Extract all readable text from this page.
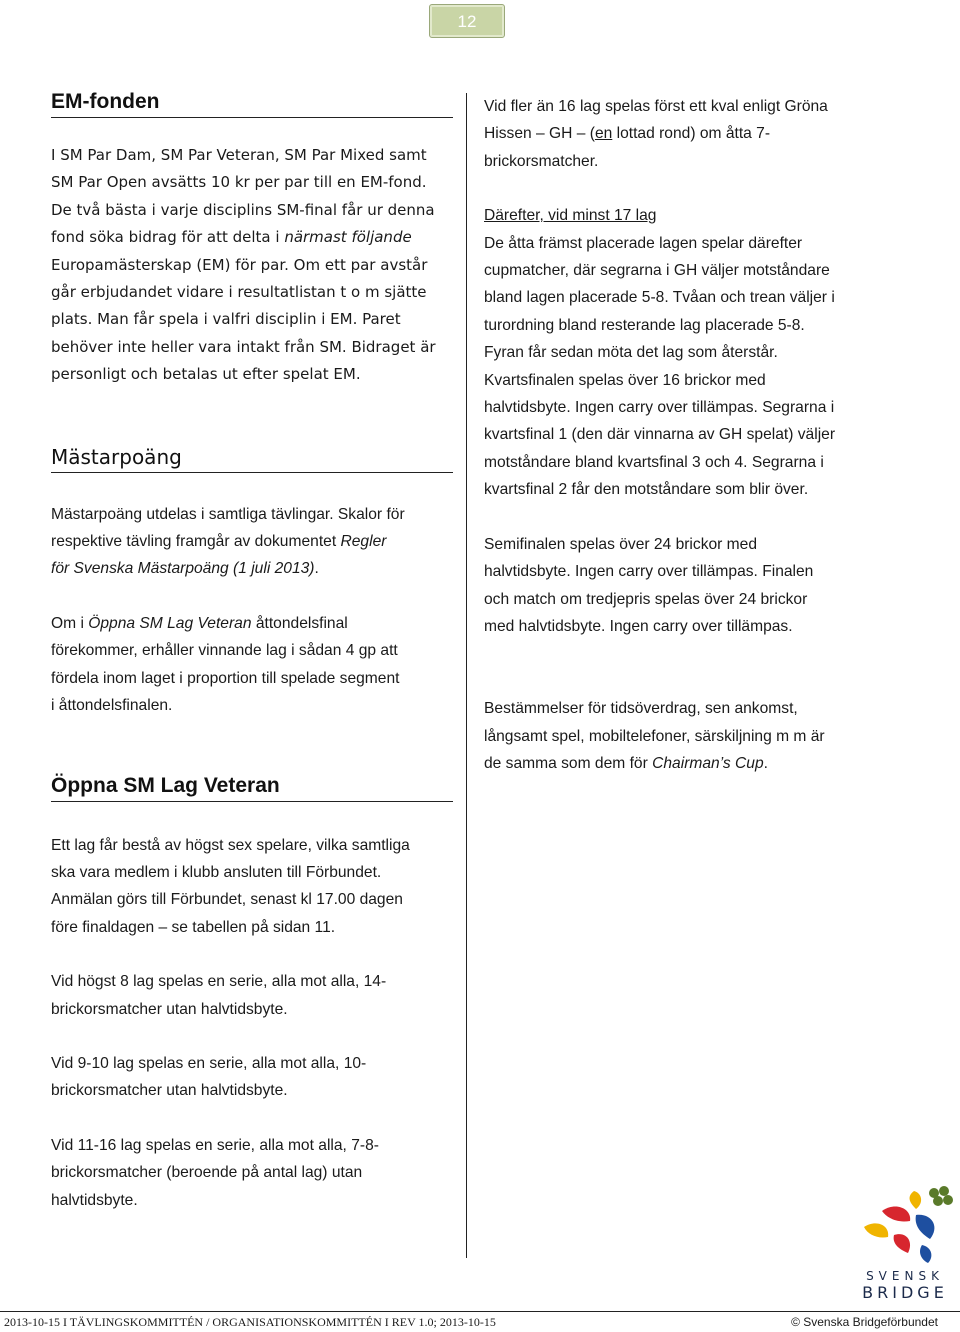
12
EM-fonden

I SM Par Dam, SM Par Veteran, SM Par Mixed samt
SM Par Open avsätts 10 kr per par till en EM-fond.
De två bästa i varje disciplins SM-final får ur denna
fond söka bidrag för att delta i närmast följande
Europamästerskap (EM) för par. Om ett par avstår
går erbjudandet vidare i resultatlistan t o m sjätte
plats. Man får spela i valfri disciplin i EM. Paret
behöver inte heller vara intakt från SM. Bidraget är
personligt och betalas ut efter spelat EM.

Mästarpoäng

Mästarpoäng utdelas i samtliga tävlingar. Skalor för
respektive tävling framgår av dokumentet Regler
för Svenska Mästarpoäng (1 juli 2013).

Om i Öppna SM Lag Veteran åttondelsfinal
förekommer, erhåller vinnande lag i sådan 4 gp att
fördela inom laget i proportion till spelade segment
i åttondelsfinalen.

Öppna SM Lag Veteran

Ett lag får bestå av högst sex spelare, vilka samtliga
ska vara medlem i klubb ansluten till Förbundet.
Anmälan görs till Förbundet, senast kl 17.00 dagen
före finaldagen – se tabellen på sidan 11.

Vid högst 8 lag spelas en serie, alla mot alla, 14-
brickorsmatcher utan halvtidsbyte.

Vid 9-10 lag spelas en serie, alla mot alla, 10-
brickorsmatcher utan halvtidsbyte.

Vid 11-16 lag spelas en serie, alla mot alla, 7-8-
brickorsmatcher (beroende på antal lag) utan
halvtidsbyte.

Vid fler än 16 lag spelas först ett kval enligt Gröna
Hissen – GH – (en lottad rond) om åtta 7-
brickorsmatcher.

Därefter, vid minst 17 lag
De åtta främst placerade lagen spelar därefter
cupmatcher, där segrarna i GH väljer motståndare
bland lagen placerade 5-8. Tvåan och trean väljer i
turordning bland resterande lag placerade 5-8.
Fyran får sedan möta det lag som återstår.
Kvartsfinalen spelas över 16 brickor med
halvtidsbyte. Ingen carry over tillämpas. Segrarna i
kvartsfinal 1 (den där vinnarna av GH spelat) väljer
motståndare bland kvartsfinal 3 och 4. Segrarna i
kvartsfinal 2 får den motståndare som blir över.

Semifinalen spelas över 24 brickor med
halvtidsbyte. Ingen carry over tillämpas. Finalen
och match om tredjepris spelas över 24 brickor
med halvtidsbyte. Ingen carry over tillämpas.

Bestämmelser för tidsöverdrag, sen ankomst,
långsamt spel, mobiltelefoner, särskiljning m m är
de samma som dem för Chairman’s Cup.

SVENSK
BRIDGE
2013-10-15 I TÄVLINGSKOMMITTÉN / ORGANISATIONSKOMMITTÉN I REV 1.0; 2013-10-15	© Svenska Bridgeförbundet
